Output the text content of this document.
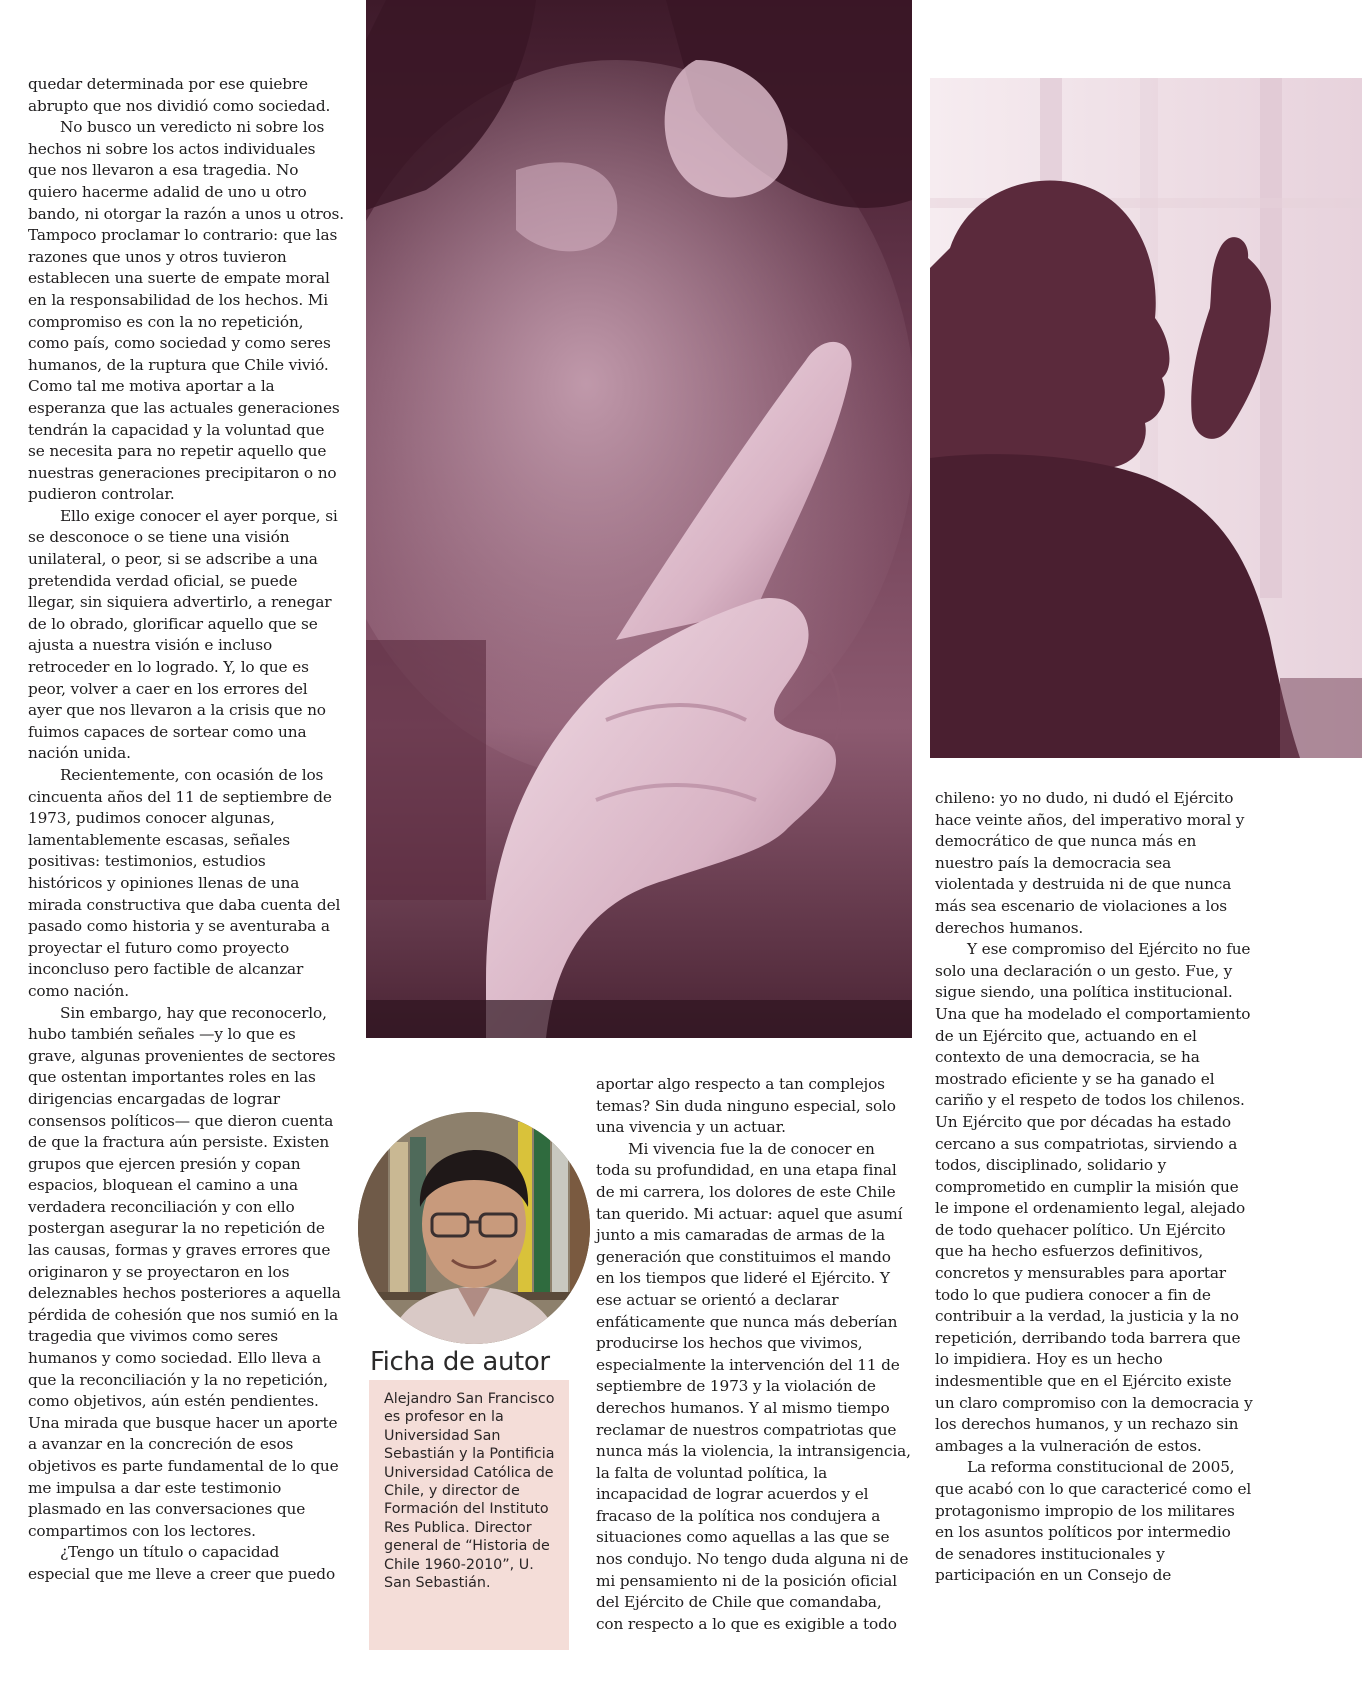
quedar determinada por ese quiebre abrupto que nos dividió como sociedad.

No busco un veredicto ni sobre los hechos ni sobre los actos individuales que nos llevaron a esa tragedia. No quiero hacerme adalid de uno u otro bando, ni otorgar la razón a unos u otros. Tampoco proclamar lo contrario: que las razones que unos y otros tuvieron establecen una suerte de empate moral en la responsabilidad de los hechos. Mi compromiso es con la no repetición, como país, como sociedad y como seres humanos, de la ruptura que Chile vivió. Como tal me motiva aportar a la esperanza que las actuales generaciones tendrán la capacidad y la voluntad que se necesita para no repetir aquello que nuestras generaciones precipitaron o no pudieron controlar.

Ello exige conocer el ayer porque, si se desconoce o se tiene una visión unilateral, o peor, si se adscribe a una pretendida verdad oficial, se puede llegar, sin siquiera advertirlo, a renegar de lo obrado, glorificar aquello que se ajusta a nuestra visión e incluso retroceder en lo logrado. Y, lo que es peor, volver a caer en los errores del ayer que nos llevaron a la crisis que no fuimos capaces de sortear como una nación unida.

Recientemente, con ocasión de los cincuenta años del 11 de septiembre de 1973, pudimos conocer algunas, lamentablemente escasas, señales positivas: testimonios, estudios históricos y opiniones llenas de una mirada constructiva que daba cuenta del pasado como historia y se aventuraba a proyectar el futuro como proyecto inconcluso pero factible de alcanzar como nación.

Sin embargo, hay que reconocerlo, hubo también señales —y lo que es grave, algunas provenientes de sectores que ostentan importantes roles en las dirigencias encargadas de lograr consensos políticos— que dieron cuenta de que la fractura aún persiste. Existen grupos que ejercen presión y copan espacios, bloquean el camino a una verdadera reconciliación y con ello postergan asegurar la no repetición de las causas, formas y graves errores que originaron y se proyectaron en los deleznables hechos posteriores a aquella pérdida de cohesión que nos sumió en la tragedia que vivimos como seres humanos y como sociedad. Ello lleva a que la reconciliación y la no repetición, como objetivos, aún estén pendientes. Una mirada que busque hacer un aporte a avanzar en la concreción de esos objetivos es parte fundamental de lo que me impulsa a dar este testimonio plasmado en las conversaciones que compartimos con los lectores.

¿Tengo un título o capacidad especial que me lleve a creer que puedo

Ficha de autor
Alejandro San Francisco es profesor en la Universidad San Sebastián y la Pontificia Universidad Católica de Chile, y director de Formación del Instituto Res Publica. Director general de “Historia de Chile 1960-2010”, U. San Sebastián.

aportar algo respecto a tan complejos temas? Sin duda ninguno especial, solo una vivencia y un actuar.

Mi vivencia fue la de conocer en toda su profundidad, en una etapa final de mi carrera, los dolores de este Chile tan querido. Mi actuar: aquel que asumí junto a mis camaradas de armas de la generación que constituimos el mando en los tiempos que lideré el Ejército. Y ese actuar se orientó a declarar enfáticamente que nunca más deberían producirse los hechos que vivimos, especialmente la intervención del 11 de septiembre de 1973 y la violación de derechos humanos. Y al mismo tiempo reclamar de nuestros compatriotas que nunca más la violencia, la intransigencia, la falta de voluntad política, la incapacidad de lograr acuerdos y el fracaso de la política nos condujera a situaciones como aquellas a las que se nos condujo. No tengo duda alguna ni de mi pensamiento ni de la posición oficial del Ejército de Chile que comandaba, con respecto a lo que es exigible a todo

chileno: yo no dudo, ni dudó el Ejército hace veinte años, del imperativo moral y democrático de que nunca más en nuestro país la democracia sea violentada y destruida ni de que nunca más sea escenario de violaciones a los derechos humanos.

Y ese compromiso del Ejército no fue solo una declaración o un gesto. Fue, y sigue siendo, una política institucional. Una que ha modelado el comportamiento de un Ejército que, actuando en el contexto de una democracia, se ha mostrado eficiente y se ha ganado el cariño y el respeto de todos los chilenos. Un Ejército que por décadas ha estado cercano a sus compatriotas, sirviendo a todos, disciplinado, solidario y comprometido en cumplir la misión que le impone el ordenamiento legal, alejado de todo quehacer político. Un Ejército que ha hecho esfuerzos definitivos, concretos y mensurables para aportar todo lo que pudiera conocer a fin de contribuir a la verdad, la justicia y la no repetición, derribando toda barrera que lo impidiera. Hoy es un hecho indesmentible que en el Ejército existe un claro compromiso con la democracia y los derechos humanos, y un rechazo sin ambages a la vulneración de estos.

La reforma constitucional de 2005, que acabó con lo que caractericé como el protagonismo impropio de los militares en los asuntos políticos por intermedio de senadores institucionales y participación en un Consejo de
